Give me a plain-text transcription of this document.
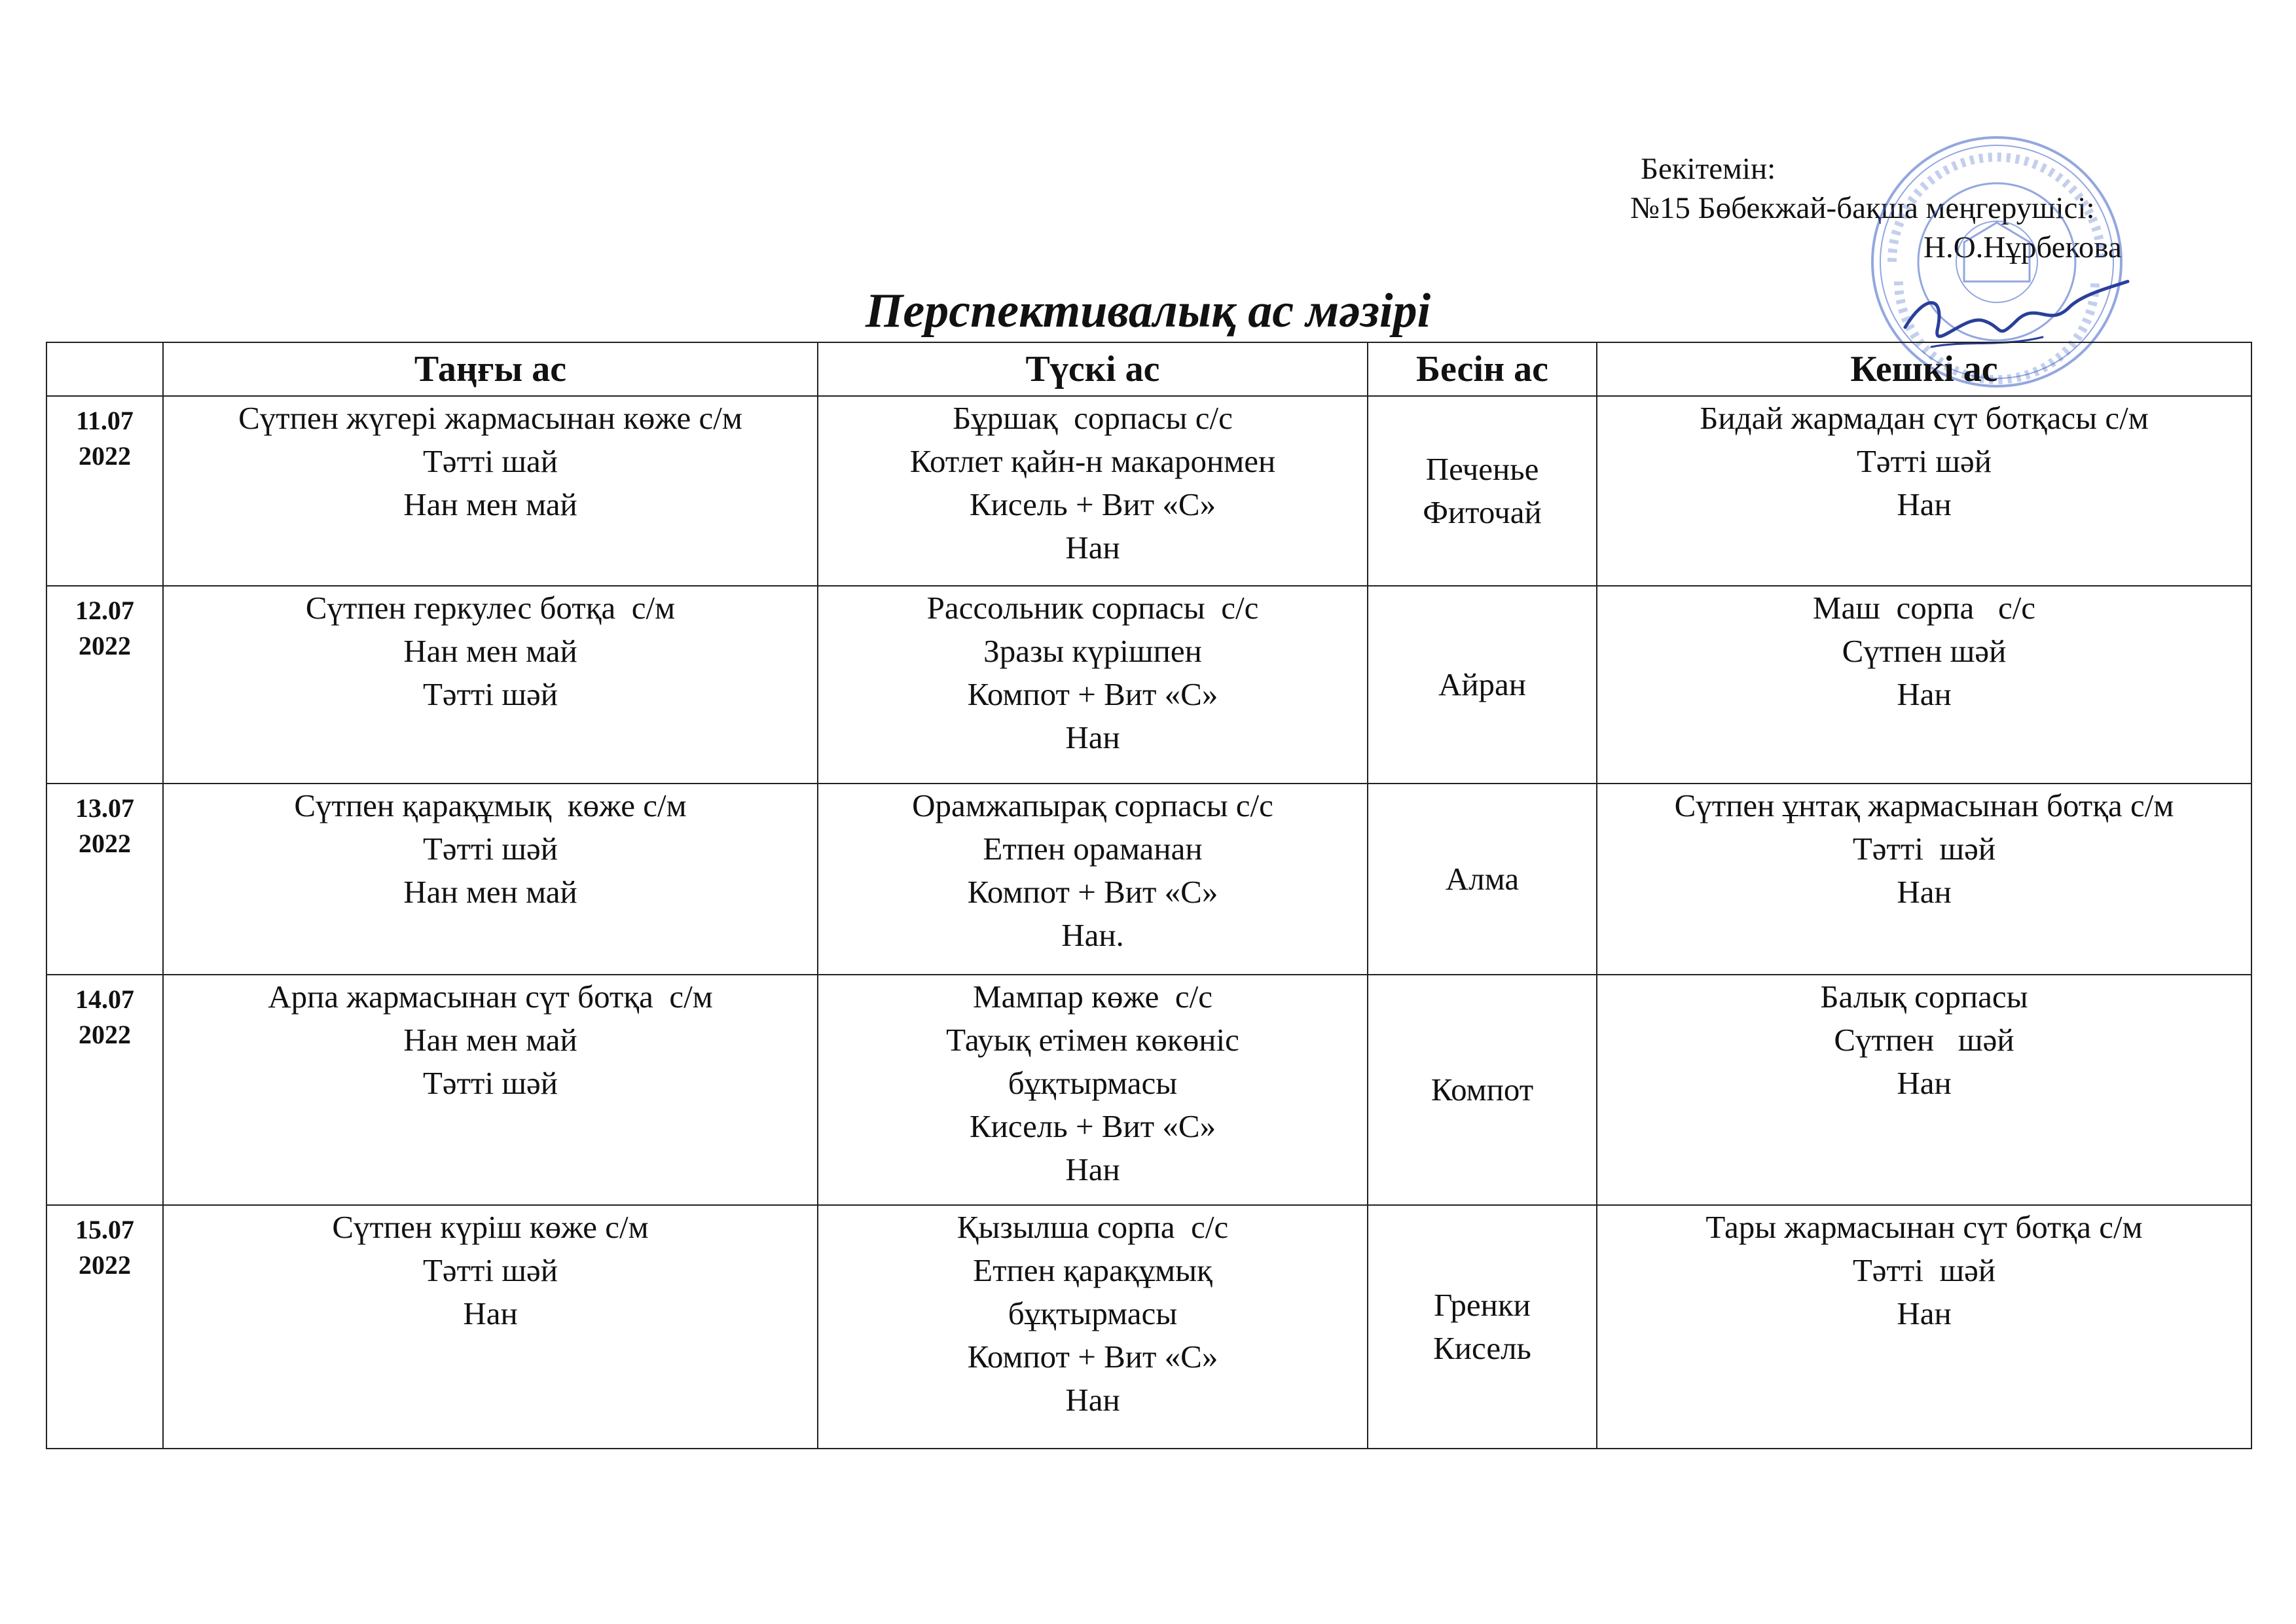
Бекітемін:
№15 Бөбекжай-бақша меңгерушісі:
Н.О.Нұрбекова
Перспективалық ас мәзірі
	Таңғы ас	Түскі ас	Бесін ас	Кешкі ас

11.07
2022	Сүтпен жүгері жармасынан көже с/м
Тәтті шай
Нан мен май	Бұршақ  сорпасы с/с
Котлет қайн-н макаронмен
Кисель + Вит «С»
Нан	Печенье
Фиточай	Бидай жармадан сүт ботқасы с/м
Тәтті шәй
Нан

12.07
2022	Сүтпен геркулес ботқа  с/м
Нан мен май
Тәтті шәй	Рассольник сорпасы  с/с
Зразы күрішпен
Компот + Вит «С»
Нан	Айран	Маш  сорпа   с/с
Сүтпен шәй
Нан

13.07
2022	Сүтпен қарақұмық  көже с/м
Тәтті шәй
Нан мен май	Орамжапырақ сорпасы с/с
Етпен ораманан
Компот + Вит «С»
Нан.	Алма	Сүтпен ұнтақ жармасынан ботқа с/м
Тәтті  шәй
Нан

14.07
2022	Арпа жармасынан сүт ботқа  с/м
Нан мен май
Тәтті шәй	Мампар көже  с/с
Тауық етімен көкөніс
бұқтырмасы
Кисель + Вит «С»
Нан	Компот	Балық сорпасы
Сүтпен   шәй
Нан

15.07
2022	Сүтпен күріш көже с/м
Тәтті шәй
Нан	Қызылша сорпа  с/с
Етпен қарақұмық
бұқтырмасы
Компот + Вит «С»
Нан	Гренки
Кисель	Тары жармасынан сүт ботқа с/м
Тәтті  шәй
Нан
